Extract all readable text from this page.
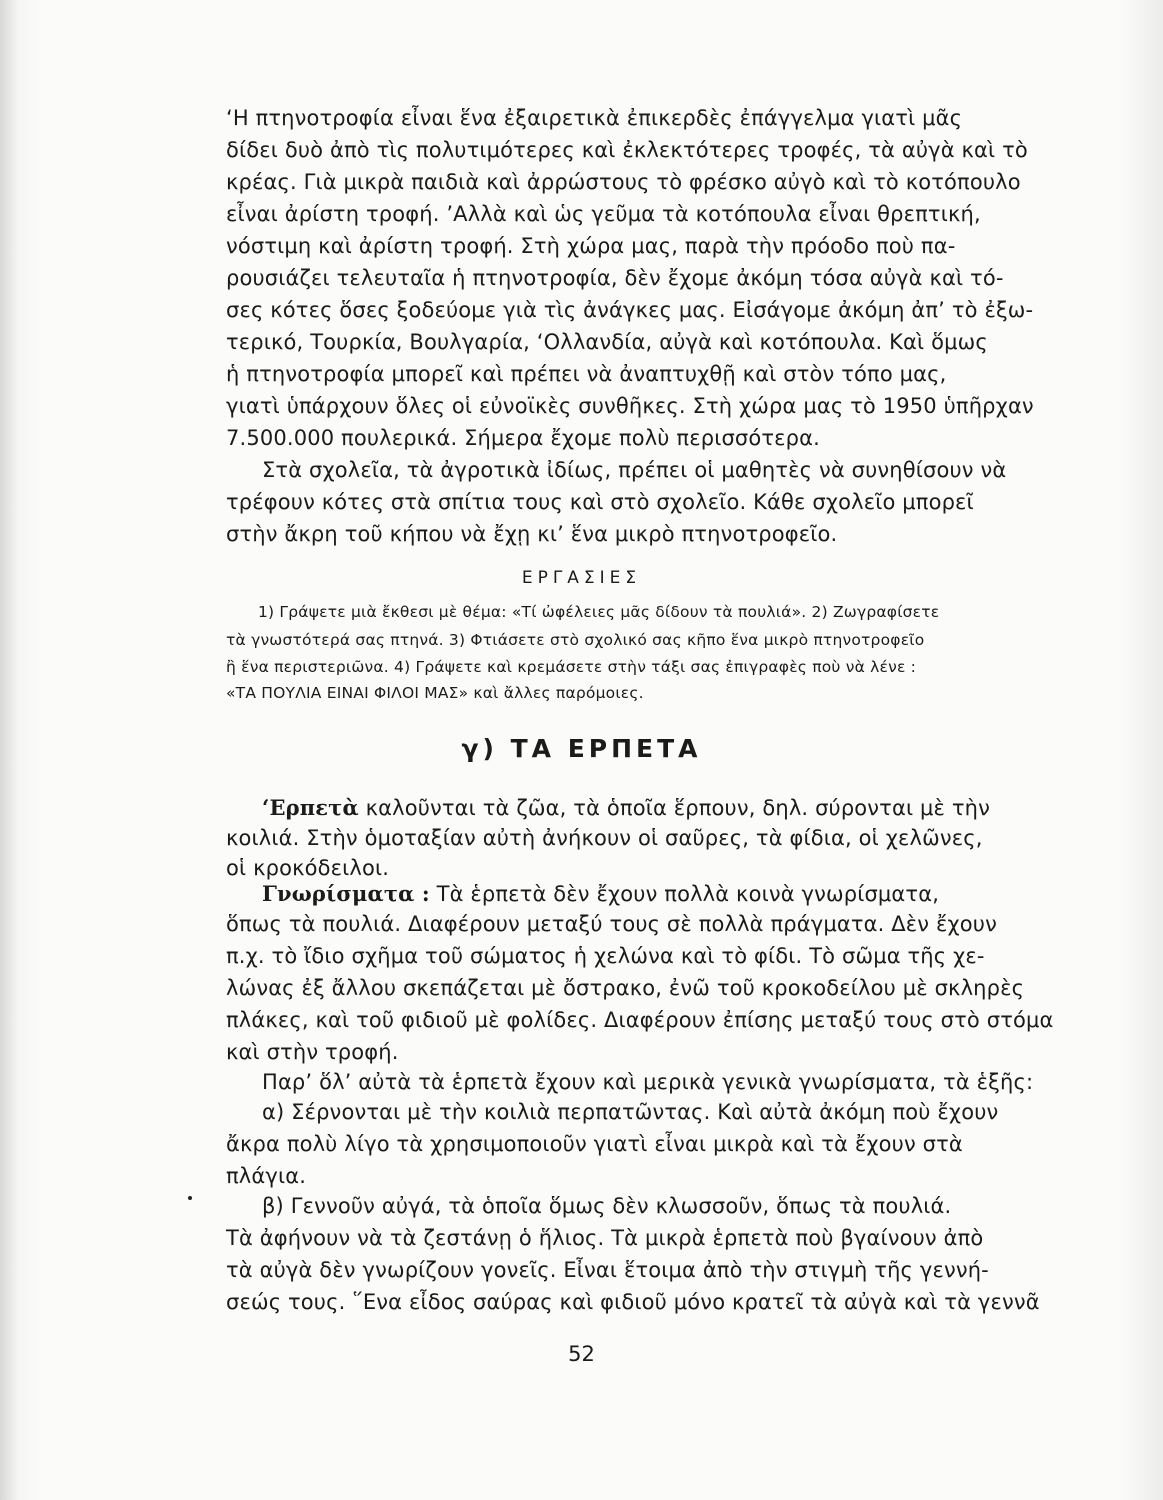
‘Η πτηνοτροφία εἶναι ἕνα ἐξαιρετικὰ ἐπικερδὲς ἐπάγγελμα γιατὶ μᾶς
δίδει δυὸ ἀπὸ τὶς πολυτιμότερες καὶ ἐκλεκτότερες τροφές, τὰ αὐγὰ καὶ τὸ
κρέας. Γιὰ μικρὰ παιδιὰ καὶ ἀρρώστους τὸ φρέσκο αὐγὸ καὶ τὸ κοτόπουλο
εἶναι ἀρίστη τροφή. ’Αλλὰ καὶ ὡς γεῦμα τὰ κοτόπουλα εἶναι θρεπτική,
νόστιμη καὶ ἀρίστη τροφή. Στὴ χώρα μας, παρὰ τὴν πρόοδο ποὺ πα-
ρουσιάζει τελευταῖα ἡ πτηνοτροφία, δὲν ἔχομε ἀκόμη τόσα αὐγὰ καὶ τό-
σες κότες ὅσες ξοδεύομε γιὰ τὶς ἀνάγκες μας. Εἰσάγομε ἀκόμη ἀπ’ τὸ ἐξω-
τερικό, Τουρκία, Βουλγαρία, ‘Ολλανδία, αὐγὰ καὶ κοτόπουλα. Καὶ ὅμως
ἡ πτηνοτροφία μπορεῖ καὶ πρέπει νὰ ἀναπτυχθῇ καὶ στὸν τόπο μας,
γιατὶ ὑπάρχουν ὅλες οἱ εὐνοϊκὲς συνθῆκες. Στὴ χώρα μας τὸ 1950 ὑπῆρχαν
7.500.000 πουλερικά. Σήμερα ἔχομε πολὺ περισσότερα.
Στὰ σχολεῖα, τὰ ἀγροτικὰ ἰδίως, πρέπει οἱ μαθητὲς νὰ συνηθίσουν νὰ
τρέφουν κότες στὰ σπίτια τους καὶ στὸ σχολεῖο. Κάθε σχολεῖο μπορεῖ
στὴν ἄκρη τοῦ κήπου νὰ ἔχῃ κι’ ἕνα μικρὸ πτηνοτροφεῖο.
ΕΡΓΑΣΙΕΣ
1) Γράψετε μιὰ ἔκθεσι μὲ θέμα: «Τί ὠφέλειες μᾶς δίδουν τὰ πουλιά». 2) Ζωγραφίσετε
τὰ γνωστότερά σας πτηνά. 3) Φτιάσετε στὸ σχολικό σας κῆπο ἕνα μικρὸ πτηνοτροφεῖο
ἢ ἕνα περιστεριῶνα. 4) Γράψετε καὶ κρεμάσετε στὴν τάξι σας ἐπιγραφὲς ποὺ νὰ λένε :
«ΤΑ ΠΟΥΛΙΑ ΕΙΝΑΙ ΦΙΛΟΙ ΜΑΣ» καὶ ἄλλες παρόμοιες.
γ) ΤΑ ΕΡΠΕΤΑ
‘Ερπετὰ καλοῦνται τὰ ζῶα, τὰ ὁποῖα ἕρπουν, δηλ. σύρονται μὲ τὴν
κοιλιά. Στὴν ὁμοταξίαν αὐτὴ ἀνήκουν οἱ σαῦρες, τὰ φίδια, οἱ χελῶνες,
οἱ κροκόδειλοι.
Γνωρίσματα : Τὰ ἑρπετὰ δὲν ἔχουν πολλὰ κοινὰ γνωρίσματα,
ὅπως τὰ πουλιά. Διαφέρουν μεταξύ τους σὲ πολλὰ πράγματα. Δὲν ἔχουν
π.χ. τὸ ἴδιο σχῆμα τοῦ σώματος ἡ χελώνα καὶ τὸ φίδι. Τὸ σῶμα τῆς χε-
λώνας ἐξ ἄλλου σκεπάζεται μὲ ὄστρακο, ἐνῶ τοῦ κροκοδείλου μὲ σκληρὲς
πλάκες, καὶ τοῦ φιδιοῦ μὲ φολίδες. Διαφέρουν ἐπίσης μεταξύ τους στὸ στόμα
καὶ στὴν τροφή.
Παρ’ ὅλ’ αὐτὰ τὰ ἑρπετὰ ἔχουν καὶ μερικὰ γενικὰ γνωρίσματα, τὰ ἑξῆς:
α) Σέρνονται μὲ τὴν κοιλιὰ περπατῶντας. Καὶ αὐτὰ ἀκόμη ποὺ ἔχουν
ἄκρα πολὺ λίγο τὰ χρησιμοποιοῦν γιατὶ εἶναι μικρὰ καὶ τὰ ἔχουν στὰ
πλάγια.
β) Γεννοῦν αὐγά, τὰ ὁποῖα ὅμως δὲν κλωσσοῦν, ὅπως τὰ πουλιά.
Τὰ ἀφήνουν νὰ τὰ ζεστάνῃ ὁ ἥλιος. Τὰ μικρὰ ἑρπετὰ ποὺ βγαίνουν ἀπὸ
τὰ αὐγὰ δὲν γνωρίζουν γονεῖς. Εἶναι ἕτοιμα ἀπὸ τὴν στιγμὴ τῆς γεννή-
σεώς τους. ῞Ενα εἶδος σαύρας καὶ φιδιοῦ μόνο κρατεῖ τὰ αὐγὰ καὶ τὰ γεννᾶ
52
